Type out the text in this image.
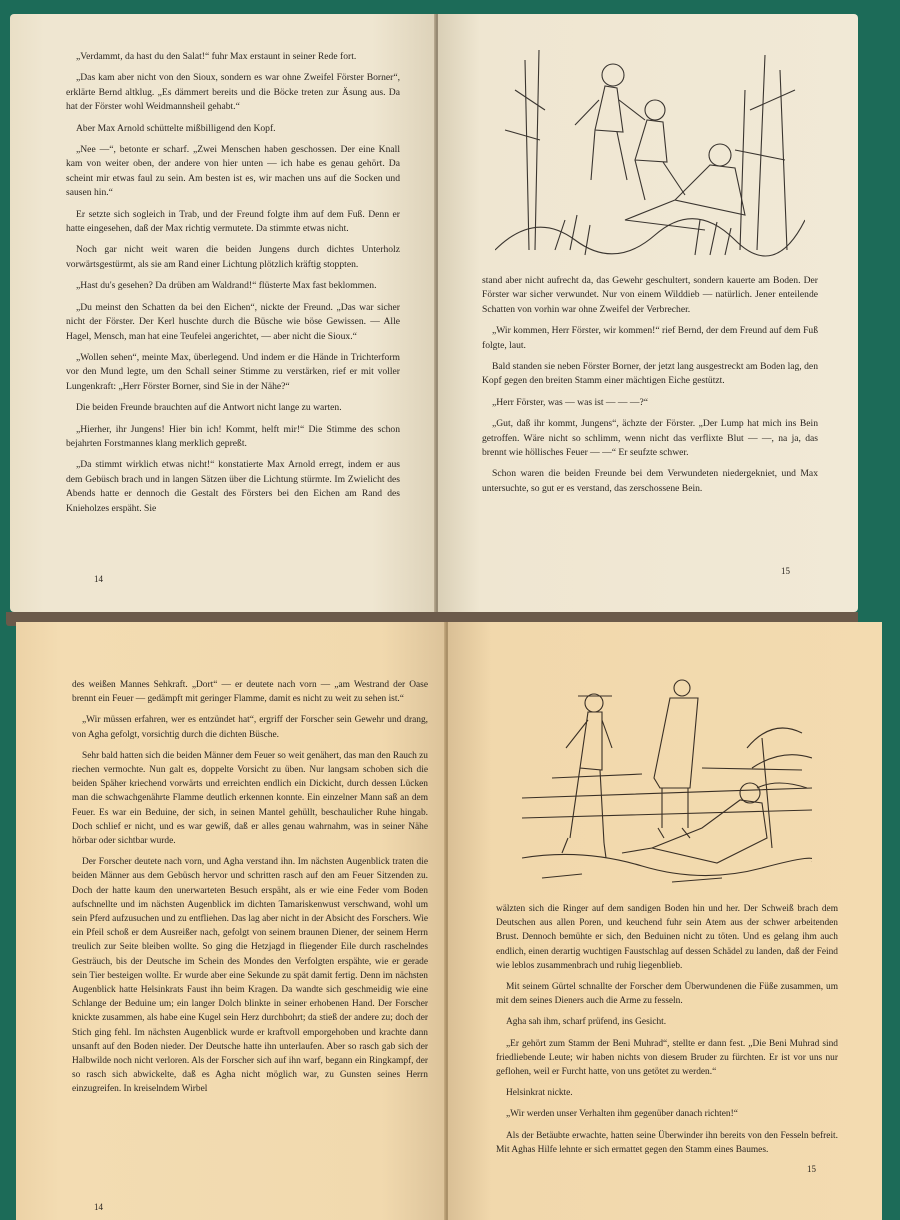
„Verdammt, da hast du den Salat!“ fuhr Max erstaunt in seiner Rede fort.

„Das kam aber nicht von den Sioux, sondern es war ohne Zweifel Förster Borner“, erklärte Bernd altklug. „Es dämmert bereits und die Böcke treten zur Äsung aus. Da hat der Förster wohl Weidmannsheil gehabt.“

Aber Max Arnold schüttelte mißbilligend den Kopf.

„Nee —“, betonte er scharf. „Zwei Menschen haben geschossen. Der eine Knall kam von weiter oben, der andere von hier unten — ich habe es genau gehört. Da scheint mir etwas faul zu sein. Am besten ist es, wir machen uns auf die Socken und sausen hin.“

Er setzte sich sogleich in Trab, und der Freund folgte ihm auf dem Fuß. Denn er hatte eingesehen, daß der Max richtig vermutete. Da stimmte etwas nicht.

Noch gar nicht weit waren die beiden Jungens durch dichtes Unterholz vorwärtsgestürmt, als sie am Rand einer Lichtung plötzlich kräftig stoppten.

„Hast du's gesehen? Da drüben am Waldrand!“ flüsterte Max fast beklommen.

„Du meinst den Schatten da bei den Eichen“, nickte der Freund. „Das war sicher nicht der Förster. Der Kerl huschte durch die Büsche wie böse Gewissen. — Alle Hagel, Mensch, man hat eine Teufelei angerichtet, — aber nicht die Sioux.“

„Wollen sehen“, meinte Max, überlegend. Und indem er die Hände in Trichterform vor den Mund legte, um den Schall seiner Stimme zu verstärken, rief er mit voller Lungenkraft: „Herr Förster Borner, sind Sie in der Nähe?“

Die beiden Freunde brauchten auf die Antwort nicht lange zu warten.

„Hierher, ihr Jungens! Hier bin ich! Kommt, helft mir!“ Die Stimme des schon bejahrten Forstmannes klang merklich gepreßt.

„Da stimmt wirklich etwas nicht!“ konstatierte Max Arnold erregt, indem er aus dem Gebüsch brach und in langen Sätzen über die Lichtung stürmte. Im Zwielicht des Abends hatte er dennoch die Gestalt des Försters bei den Eichen am Rand des Knieholzes erspäht. Sie

14

stand aber nicht aufrecht da, das Gewehr geschultert, sondern kauerte am Boden. Der Förster war sicher verwundet. Nur von einem Wilddieb — natürlich. Jener enteilende Schatten von vorhin war ohne Zweifel der Verbrecher.

„Wir kommen, Herr Förster, wir kommen!“ rief Bernd, der dem Freund auf dem Fuß folgte, laut.

Bald standen sie neben Förster Borner, der jetzt lang ausgestreckt am Boden lag, den Kopf gegen den breiten Stamm einer mächtigen Eiche gestützt.

„Herr Förster, was — was ist — — —?“

„Gut, daß ihr kommt, Jungens“, ächzte der Förster. „Der Lump hat mich ins Bein getroffen. Wäre nicht so schlimm, wenn nicht das verflixte Blut — —, na ja, das brennt wie höllisches Feuer — —“ Er seufzte schwer.

Schon waren die beiden Freunde bei dem Verwundeten niedergekniet, und Max untersuchte, so gut er es verstand, das zerschossene Bein.

15

des weißen Mannes Sehkraft. „Dort“ — er deutete nach vorn — „am Westrand der Oase brennt ein Feuer — gedämpft mit geringer Flamme, damit es nicht zu weit zu sehen ist.“

„Wir müssen erfahren, wer es entzündet hat“, ergriff der Forscher sein Gewehr und drang, von Agha gefolgt, vorsichtig durch die dichten Büsche.

Sehr bald hatten sich die beiden Männer dem Feuer so weit genähert, das man den Rauch zu riechen vermochte. Nun galt es, doppelte Vorsicht zu üben. Nur langsam schoben sich die beiden Späher kriechend vorwärts und erreichten endlich ein Dickicht, durch dessen Lücken man die schwachgenährte Flamme deutlich erkennen konnte. Ein einzelner Mann saß an dem Feuer. Es war ein Beduine, der sich, in seinen Mantel gehüllt, beschaulicher Ruhe hingab. Doch schlief er nicht, und es war gewiß, daß er alles genau wahrnahm, was in seiner Nähe hörbar oder sichtbar wurde.

Der Forscher deutete nach vorn, und Agha verstand ihn. Im nächsten Augenblick traten die beiden Männer aus dem Gebüsch hervor und schritten rasch auf den am Feuer Sitzenden zu. Doch der hatte kaum den unerwarteten Besuch erspäht, als er wie eine Feder vom Boden aufschnellte und im nächsten Augenblick im dichten Tamariskenwust verschwand, wohl um sein Pferd aufzusuchen und zu entfliehen. Das lag aber nicht in der Absicht des Forschers. Wie ein Pfeil schoß er dem Ausreißer nach, gefolgt von seinem braunen Diener, der seinem Herrn treulich zur Seite bleiben wollte. So ging die Hetzjagd in fliegender Eile durch raschelndes Gesträuch, bis der Deutsche im Schein des Mondes den Verfolgten erspähte, wie er gerade sein Tier besteigen wollte. Er wurde aber eine Sekunde zu spät damit fertig. Denn im nächsten Augenblick hatte Helsinkrats Faust ihn beim Kragen. Da wandte sich geschmeidig wie eine Schlange der Beduine um; ein langer Dolch blinkte in seiner erhobenen Hand. Der Forscher knickte zusammen, als habe eine Kugel sein Herz durchbohrt; da stieß der andere zu; doch der Stich ging fehl. Im nächsten Augenblick wurde er kraftvoll emporgehoben und krachte dann unsanft auf den Boden nieder. Der Deutsche hatte ihn unterlaufen. Aber so rasch gab sich der Halbwilde noch nicht verloren. Als der Forscher sich auf ihn warf, begann ein Ringkampf, der so rasch sich abwickelte, daß es Agha nicht möglich war, zu Gunsten seines Herrn einzugreifen. In kreiselndem Wirbel

14

wälzten sich die Ringer auf dem sandigen Boden hin und her. Der Schweiß brach dem Deutschen aus allen Poren, und keuchend fuhr sein Atem aus der schwer arbeitenden Brust. Dennoch bemühte er sich, den Beduinen nicht zu töten. Und es gelang ihm auch endlich, einen derartig wuchtigen Faustschlag auf dessen Schädel zu landen, daß der Feind wie leblos zusammenbrach und ruhig liegenblieb.

Mit seinem Gürtel schnallte der Forscher dem Überwundenen die Füße zusammen, um mit dem seines Dieners auch die Arme zu fesseln.

Agha sah ihm, scharf prüfend, ins Gesicht.

„Er gehört zum Stamm der Beni Muhrad“, stellte er dann fest. „Die Beni Muhrad sind friedliebende Leute; wir haben nichts von diesem Bruder zu fürchten. Er ist vor uns nur geflohen, weil er Furcht hatte, von uns getötet zu werden.“

Helsinkrat nickte.

„Wir werden unser Verhalten ihm gegenüber danach richten!“

Als der Betäubte erwachte, hatten seine Überwinder ihn bereits von den Fesseln befreit. Mit Aghas Hilfe lehnte er sich ermattet gegen den Stamm eines Baumes.

15
